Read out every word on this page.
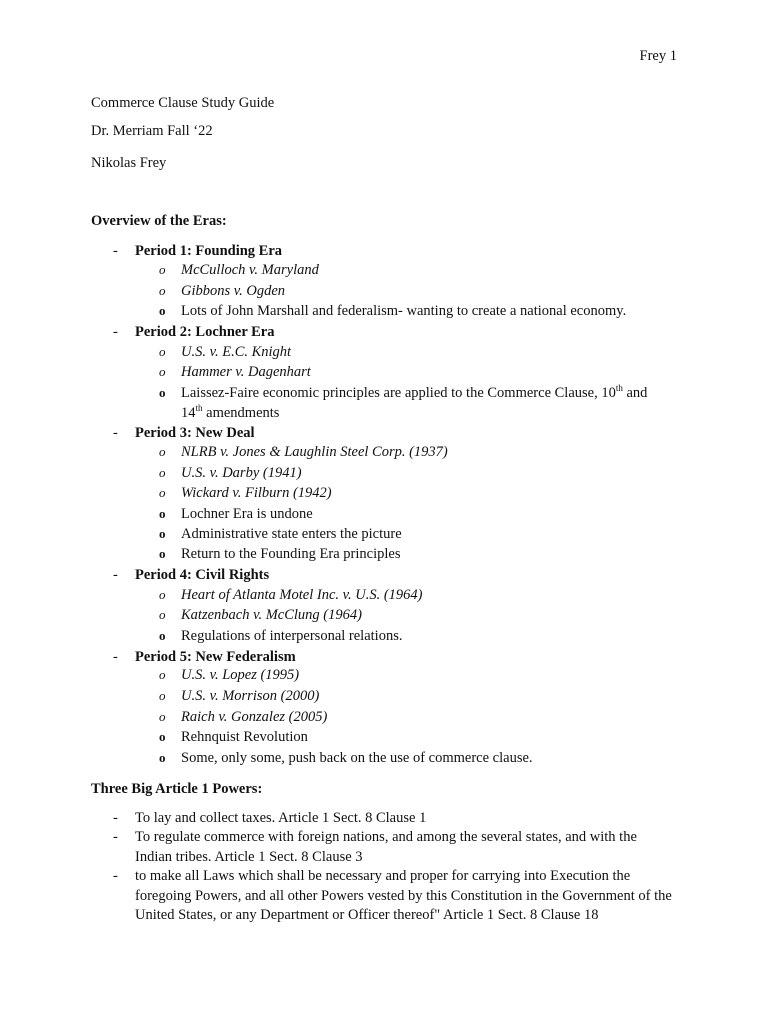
Frey 1
Commerce Clause Study Guide
Dr. Merriam Fall ‘22
Nikolas Frey
Overview of the Eras:
- Period 1: Founding Era
o McCulloch v. Maryland
o Gibbons v. Ogden
o Lots of John Marshall and federalism- wanting to create a national economy.
- Period 2: Lochner Era
o U.S. v. E.C. Knight
o Hammer v. Dagenhart
o Laissez-Faire economic principles are applied to the Commerce Clause, 10th and
14th amendments
- Period 3: New Deal
o NLRB v. Jones & Laughlin Steel Corp. (1937)
o U.S. v. Darby (1941)
o Wickard v. Filburn (1942)
o Lochner Era is undone
o Administrative state enters the picture
o Return to the Founding Era principles
- Period 4: Civil Rights
o Heart of Atlanta Motel Inc. v. U.S. (1964)
o Katzenbach v. McClung (1964)
o Regulations of interpersonal relations.
- Period 5: New Federalism
o U.S. v. Lopez (1995)
o U.S. v. Morrison (2000)
o Raich v. Gonzalez (2005)
o Rehnquist Revolution
o Some, only some, push back on the use of commerce clause.
Three Big Article 1 Powers:
- To lay and collect taxes. Article 1 Sect. 8 Clause 1
- To regulate commerce with foreign nations, and among the several states, and with the Indian tribes. Article 1 Sect. 8 Clause 3
- to make all Laws which shall be necessary and proper for carrying into Execution the foregoing Powers, and all other Powers vested by this Constitution in the Government of the United States, or any Department or Officer thereof" Article 1 Sect. 8 Clause 18
